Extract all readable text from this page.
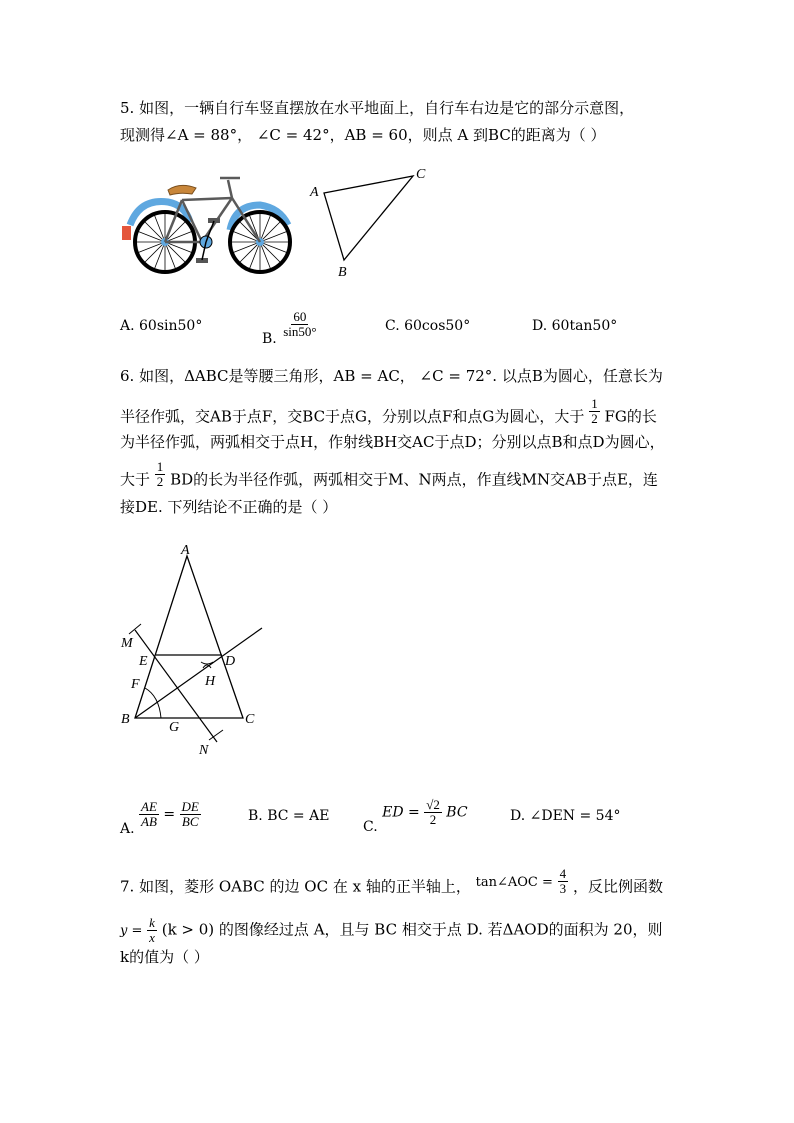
5. 如图，一辆自行车竖直摆放在水平地面上，自行车右边是它的部分示意图，
现测得∠A = 88°， ∠C = 42°，AB = 60，则点 A 到BC的距离为（ ）
A
C
B
A. 60sin50°
B. $\frac{60}{\sin 50^\circ}$	C. 60cos50°	D. 60tan50°
6. 如图，ΔABC是等腰三角形，AB = AC， ∠C = 72°. 以点B为圆心，任意长为
半径作弧，交AB于点F，交BC于点G，分别以点F和点G为圆心，大于 $\frac{1}{2}$ FG的长
为半径作弧，两弧相交于点H，作射线BH交AC于点D；分别以点B和点D为圆心，
大于 $\frac{1}{2}$ BD的长为半径作弧，两弧相交于M、N两点，作直线MN交AB于点E，连
接DE. 下列结论不正确的是（ ）
A
M
E	D
H
F
B
G
C
N
A. $\frac{AE}{AB} = \frac{DE}{BC}$	B. BC = AE
C. ED = $\frac{√2}{2}$ BC	D. ∠DEN = 54°
7. 如图，菱形 OABC 的边 OC 在 x 轴的正半轴上， tan∠AOC = $\frac{4}{3}$ ，反比例函数
$y = \frac{k}{x} (k > 0)$ 的图像经过点 A，且与 BC 相交于点 D. 若ΔAOD的面积为 20，则
k的值为（ ）
